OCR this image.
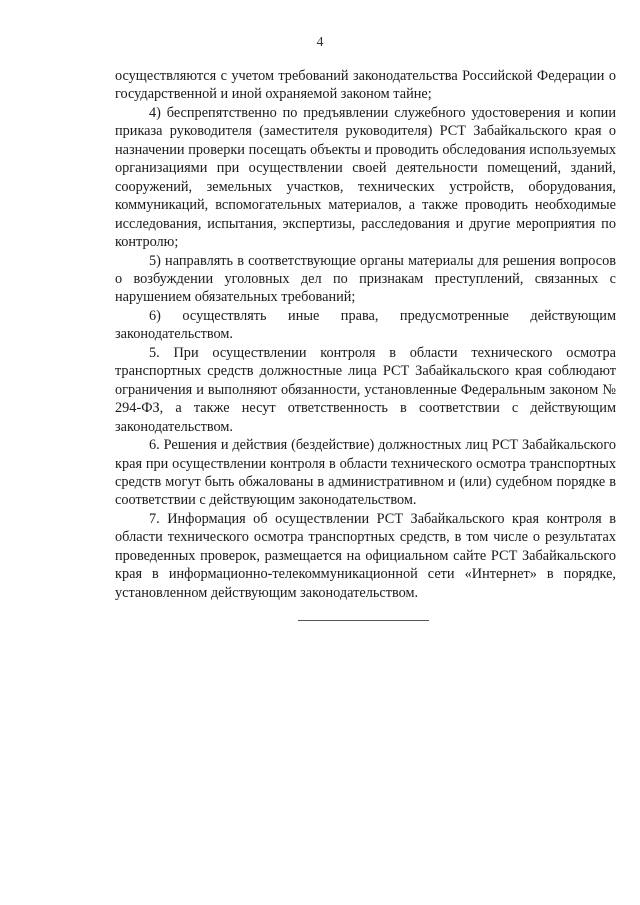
4

осуществляются с учетом требований законодательства Российской Федерации о государственной и иной охраняемой законом тайне;

4) беспрепятственно по предъявлении служебного удостоверения и копии приказа руководителя (заместителя руководителя) РСТ Забайкальского края о назначении проверки посещать объекты и проводить обследования используемых организациями при осуществлении своей деятельности помещений, зданий, сооружений, земельных участков, технических устройств, оборудования, коммуникаций, вспомогательных материалов, а также проводить необходимые исследования, испытания, экспертизы, расследования и другие мероприятия по контролю;

5) направлять в соответствующие органы материалы для решения вопросов о возбуждении уголовных дел по признакам преступлений, связанных с нарушением обязательных требований;

6) осуществлять иные права, предусмотренные действующим законодательством.

5. При осуществлении контроля в области технического осмотра транспортных средств должностные лица РСТ Забайкальского края соблюдают ограничения и выполняют обязанности, установленные Федеральным законом № 294-ФЗ, а также несут ответственность в соответствии с действующим законодательством.

6. Решения и действия (бездействие) должностных лиц РСТ Забайкальского края при осуществлении контроля в области технического осмотра транспортных средств могут быть обжалованы в административном и (или) судебном порядке в соответствии с действующим законодательством.

7. Информация об осуществлении РСТ Забайкальского края контроля в области технического осмотра транспортных средств, в том числе о результатах проведенных проверок, размещается на официальном сайте РСТ Забайкальского края в информационно-телекоммуникационной сети «Интернет» в порядке, установленном действующим законодательством.
